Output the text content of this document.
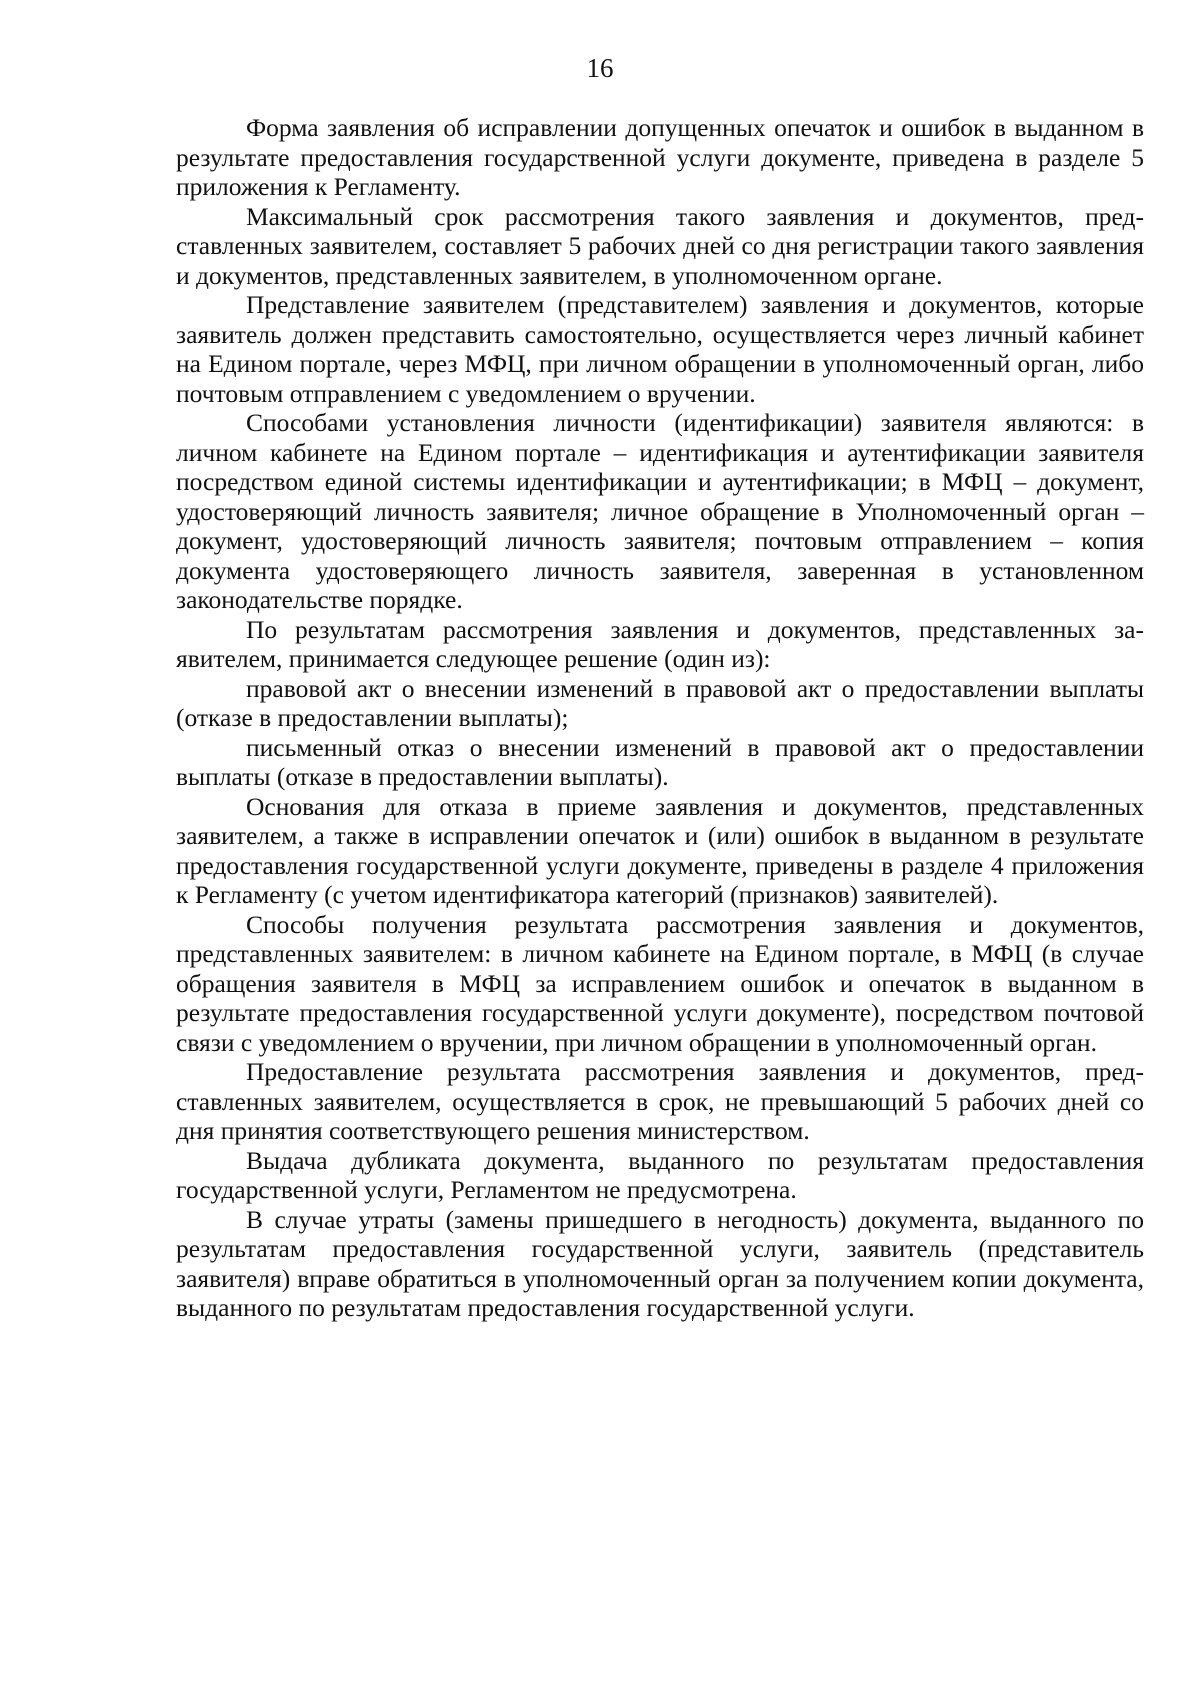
16

Форма заявления об исправлении допущенных опечаток и ошибок в выданном в результате предоставления государственной услуги документе, приведена в разделе 5 приложения к Регламенту.

Максимальный срок рассмотрения такого заявления и документов, представленных заявителем, составляет 5 рабочих дней со дня регистрации такого заявления и документов, представленных заявителем, в уполномоченном органе.

Представление заявителем (представителем) заявления и документов, которые заявитель должен представить самостоятельно, осуществляется через личный кабинет на Едином портале, через МФЦ, при личном обращении в уполномоченный орган, либо почтовым отправлением с уведомлением о вручении.

Способами установления личности (идентификации) заявителя являются: в личном кабинете на Едином портале – идентификация и аутентификации заявителя посредством единой системы идентификации и аутентификации; в МФЦ – документ, удостоверяющий личность заявителя; личное обращение в Уполномоченный орган – документ, удостоверяющий личность заявителя; почтовым отправлением – копия документа удостоверяющего личность заявителя, заверенная в установленном законодательстве порядке.

По результатам рассмотрения заявления и документов, представленных заявителем, принимается следующее решение (один из):

правовой акт о внесении изменений в правовой акт о предоставлении выплаты (отказе в предоставлении выплаты);

письменный отказ о внесении изменений в правовой акт о предоставлении выплаты (отказе в предоставлении выплаты).

Основания для отказа в приеме заявления и документов, представленных заявителем, а также в исправлении опечаток и (или) ошибок в выданном в результате предоставления государственной услуги документе, приведены в разделе 4 приложения к Регламенту (с учетом идентификатора категорий (признаков) заявителей).

Способы получения результата рассмотрения заявления и документов, представленных заявителем: в личном кабинете на Едином портале, в МФЦ (в случае обращения заявителя в МФЦ за исправлением ошибок и опечаток в выданном в результате предоставления государственной услуги документе), посредством почтовой связи с уведомлением о вручении, при личном обращении в уполномоченный орган.

Предоставление результата рассмотрения заявления и документов, представленных заявителем, осуществляется в срок, не превышающий 5 рабочих дней со дня принятия соответствующего решения министерством.

Выдача дубликата документа, выданного по результатам предоставления государственной услуги, Регламентом не предусмотрена.

В случае утраты (замены пришедшего в негодность) документа, выданного по результатам предоставления государственной услуги, заявитель (представитель заявителя) вправе обратиться в уполномоченный орган за получением копии документа, выданного по результатам предоставления государственной услуги.
